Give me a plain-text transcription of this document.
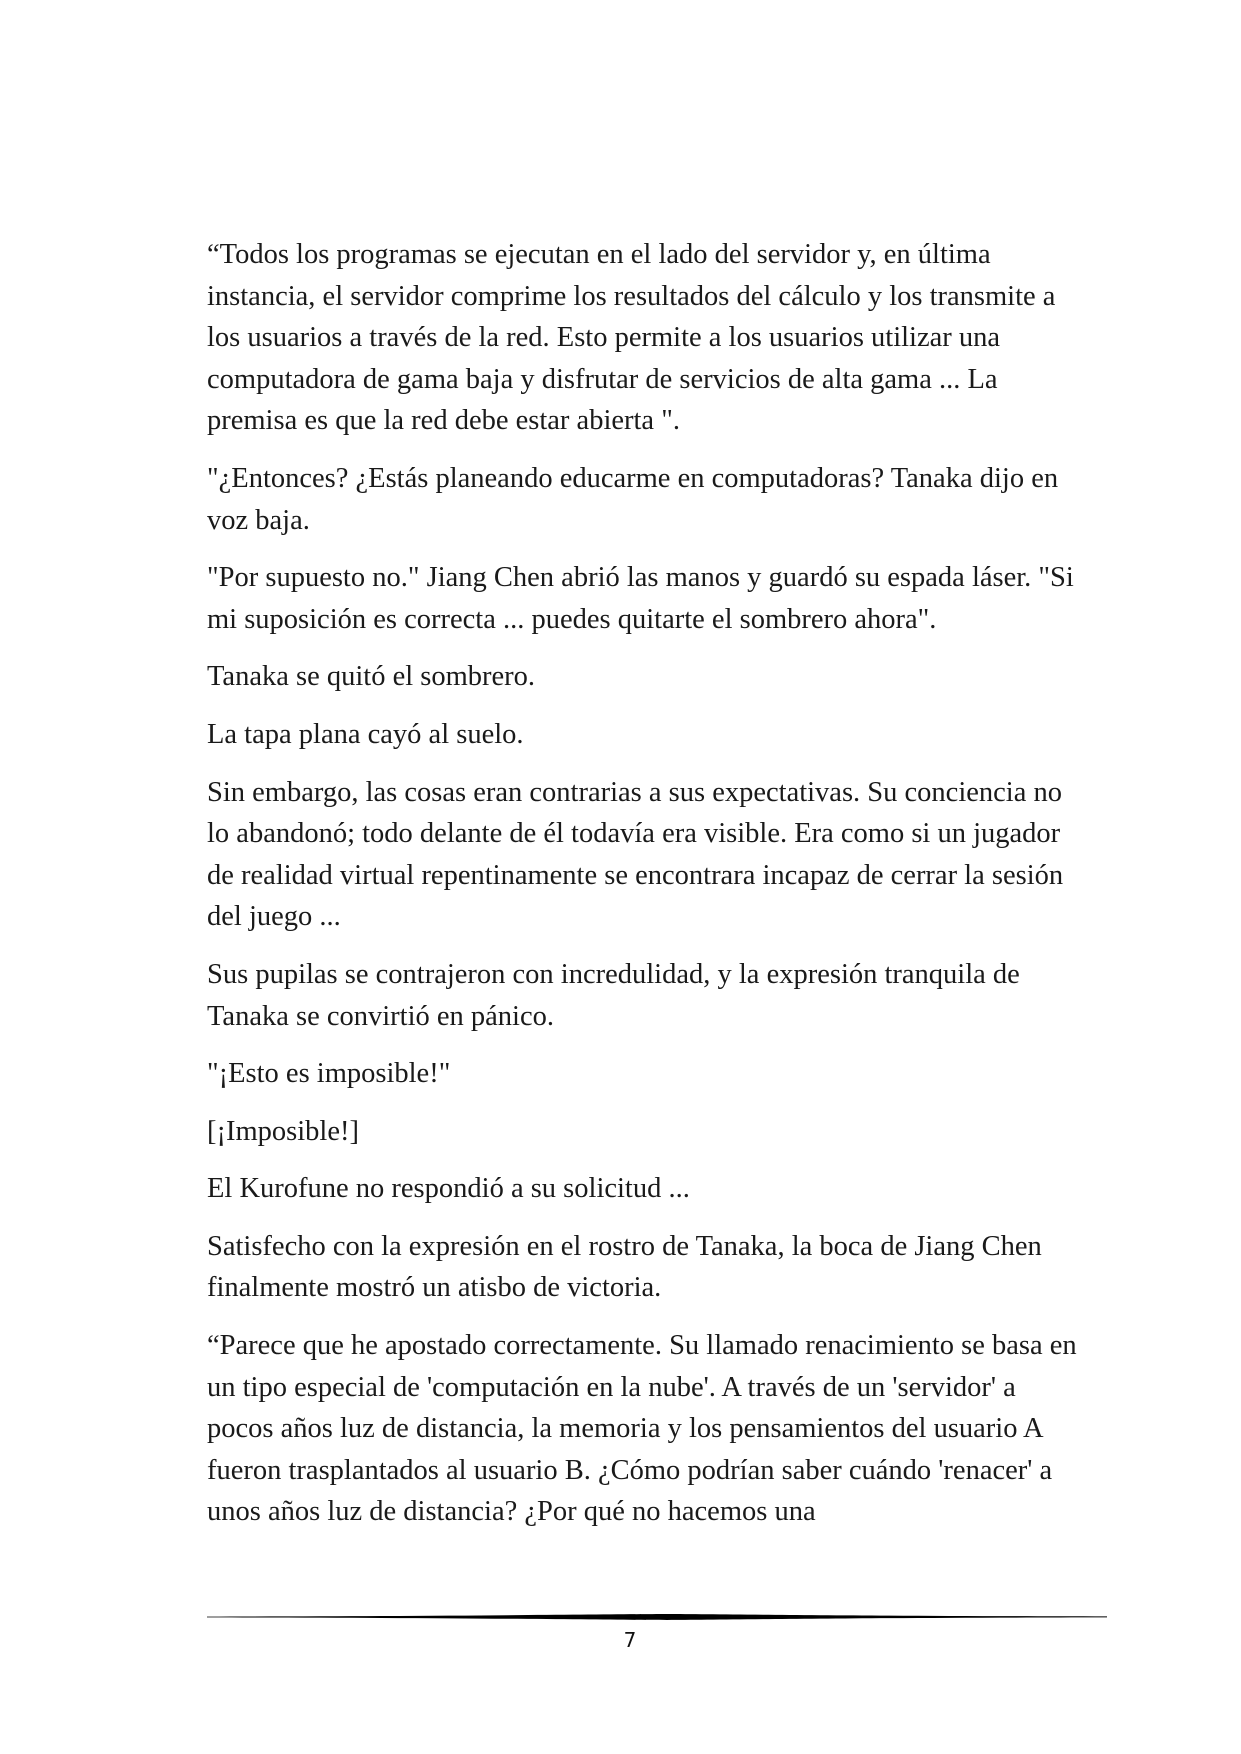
“Todos los programas se ejecutan en el lado del servidor y, en última instancia, el servidor comprime los resultados del cálculo y los transmite a los usuarios a través de la red. Esto permite a los usuarios utilizar una computadora de gama baja y disfrutar de servicios de alta gama ... La premisa es que la red debe estar abierta ".

"¿Entonces? ¿Estás planeando educarme en computadoras? Tanaka dijo en voz baja.

"Por supuesto no." Jiang Chen abrió las manos y guardó su espada láser. "Si mi suposición es correcta ... puedes quitarte el sombrero ahora".

Tanaka se quitó el sombrero.

La tapa plana cayó al suelo.

Sin embargo, las cosas eran contrarias a sus expectativas. Su conciencia no lo abandonó; todo delante de él todavía era visible. Era como si un jugador de realidad virtual repentinamente se encontrara incapaz de cerrar la sesión del juego ...

Sus pupilas se contrajeron con incredulidad, y la expresión tranquila de Tanaka se convirtió en pánico.

"¡Esto es imposible!"

[¡Imposible!]

El Kurofune no respondió a su solicitud ...

Satisfecho con la expresión en el rostro de Tanaka, la boca de Jiang Chen finalmente mostró un atisbo de victoria.

“Parece que he apostado correctamente. Su llamado renacimiento se basa en un tipo especial de 'computación en la nube'. A través de un 'servidor' a pocos años luz de distancia, la memoria y los pensamientos del usuario A fueron trasplantados al usuario B. ¿Cómo podrían saber cuándo 'renacer' a unos años luz de distancia? ¿Por qué no hacemos una

7
